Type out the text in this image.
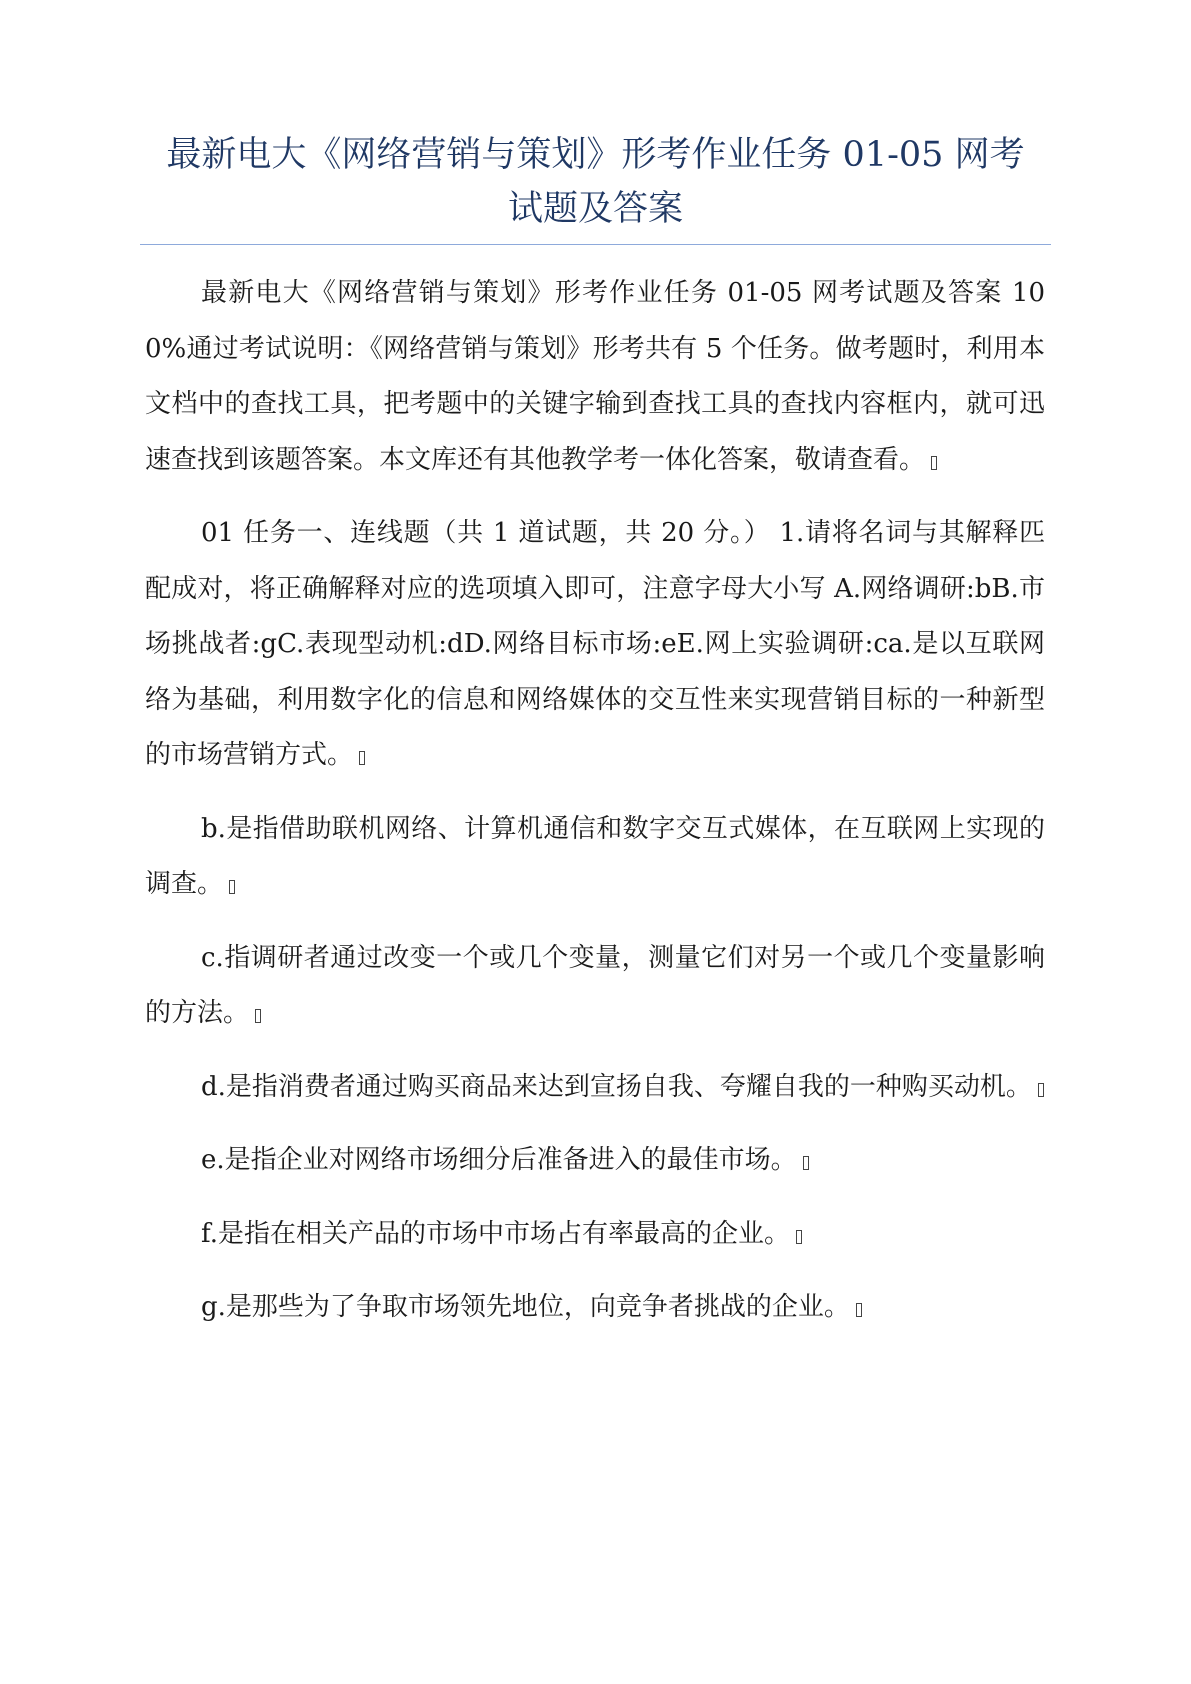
最新电大《网络营销与策划》形考作业任务 01-05 网考
试题及答案

最新电大《网络营销与策划》形考作业任务 01-05 网考试题及答案 100%通过考试说明：《网络营销与策划》形考共有 5 个任务。做考题时，利用本文档中的查找工具，把考题中的关键字输到查找工具的查找内容框内，就可迅速查找到该题答案。本文库还有其他教学考一体化答案，敬请查看。

01 任务一、连线题（共 1 道试题，共 20 分。） 1.请将名词与其解释匹配成对，将正确解释对应的选项填入即可，注意字母大小写 A.网络调研:bB.市场挑战者:gC.表现型动机:dD.网络目标市场:eE.网上实验调研:ca.是以互联网络为基础，利用数字化的信息和网络媒体的交互性来实现营销目标的一种新型的市场营销方式。

b.是指借助联机网络、计算机通信和数字交互式媒体，在互联网上实现的调查。

c.指调研者通过改变一个或几个变量，测量它们对另一个或几个变量影响的方法。

d.是指消费者通过购买商品来达到宣扬自我、夸耀自我的一种购买动机。

e.是指企业对网络市场细分后准备进入的最佳市场。

f.是指在相关产品的市场中市场占有率最高的企业。

g.是那些为了争取市场领先地位，向竞争者挑战的企业。
